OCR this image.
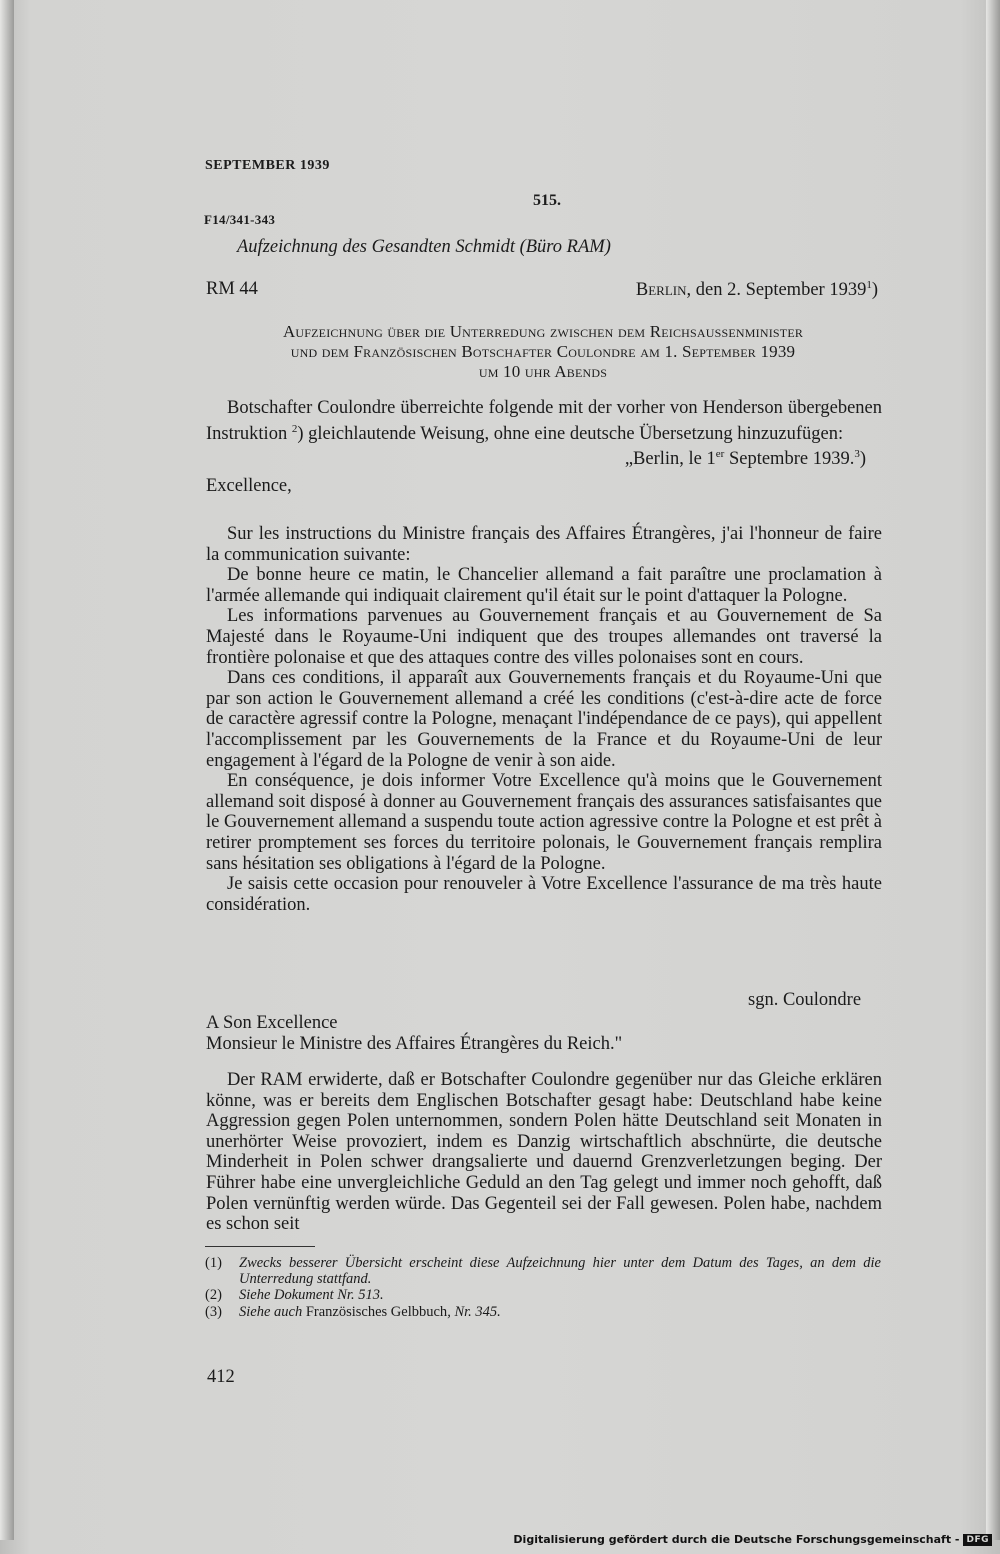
SEPTEMBER 1939
515.
F14/341-343
Aufzeichnung des Gesandten Schmidt (Büro RAM)
RM 44	Berlin, den 2. September 1939$^1$)
Aufzeichnung über die Unterredung zwischen dem Reichsaussenminister
und dem Französischen Botschafter Coulondre am 1. September 1939
um 10 uhr Abends

Botschafter Coulondre überreichte folgende mit der vorher von Henderson übergebenen Instruktion $^2$) gleichlautende Weisung, ohne eine deutsche Übersetzung hinzuzufügen:

„Berlin, le 1er Septembre 1939.$^3$)

Excellence,

Sur les instructions du Ministre français des Affaires Étrangères, j'ai l'honneur de faire la communication suivante:

De bonne heure ce matin, le Chancelier allemand a fait paraître une proclamation à l'armée allemande qui indiquait clairement qu'il était sur le point d'attaquer la Pologne.

Les informations parvenues au Gouvernement français et au Gouvernement de Sa Majesté dans le Royaume-Uni indiquent que des troupes allemandes ont traversé la frontière polonaise et que des attaques contre des villes polonaises sont en cours.

Dans ces conditions, il apparaît aux Gouvernements français et du Royaume-Uni que par son action le Gouvernement allemand a créé les conditions (c'est-à-dire acte de force de caractère agressif contre la Pologne, menaçant l'indépendance de ce pays), qui appellent l'accomplissement par les Gouvernements de la France et du Royaume-Uni de leur engagement à l'égard de la Pologne de venir à son aide.

En conséquence, je dois informer Votre Excellence qu'à moins que le Gouvernement allemand soit disposé à donner au Gouvernement français des assurances satisfaisantes que le Gouvernement allemand a suspendu toute action agressive contre la Pologne et est prêt à retirer promptement ses forces du territoire polonais, le Gouvernement français remplira sans hésitation ses obligations à l'égard de la Pologne.

Je saisis cette occasion pour renouveler à Votre Excellence l'assurance de ma très haute considération.

sgn. Coulondre

A Son Excellence

Monsieur le Ministre des Affaires Étrangères du Reich."

Der RAM erwiderte, daß er Botschafter Coulondre gegenüber nur das Gleiche erklären könne, was er bereits dem Englischen Botschafter gesagt habe: Deutschland habe keine Aggression gegen Polen unternommen, sondern Polen hätte Deutschland seit Monaten in unerhörter Weise provoziert, indem es Danzig wirtschaftlich abschnürte, die deutsche Minderheit in Polen schwer drangsalierte und dauernd Grenzverletzungen beging. Der Führer habe eine unvergleichliche Geduld an den Tag gelegt und immer noch gehofft, daß Polen vernünftig werden würde. Das Gegenteil sei der Fall gewesen. Polen habe, nachdem es schon seit

(1)	Zwecks besserer Übersicht erscheint diese Aufzeichnung hier unter dem Datum des Tages, an dem die Unterredung stattfand.
(2)	Siehe Dokument Nr. 513.
(3)	Siehe auch Französisches Gelbbuch, Nr. 345.
412
Digitalisierung gefördert durch die Deutsche Forschungsgemeinschaft - DFG
